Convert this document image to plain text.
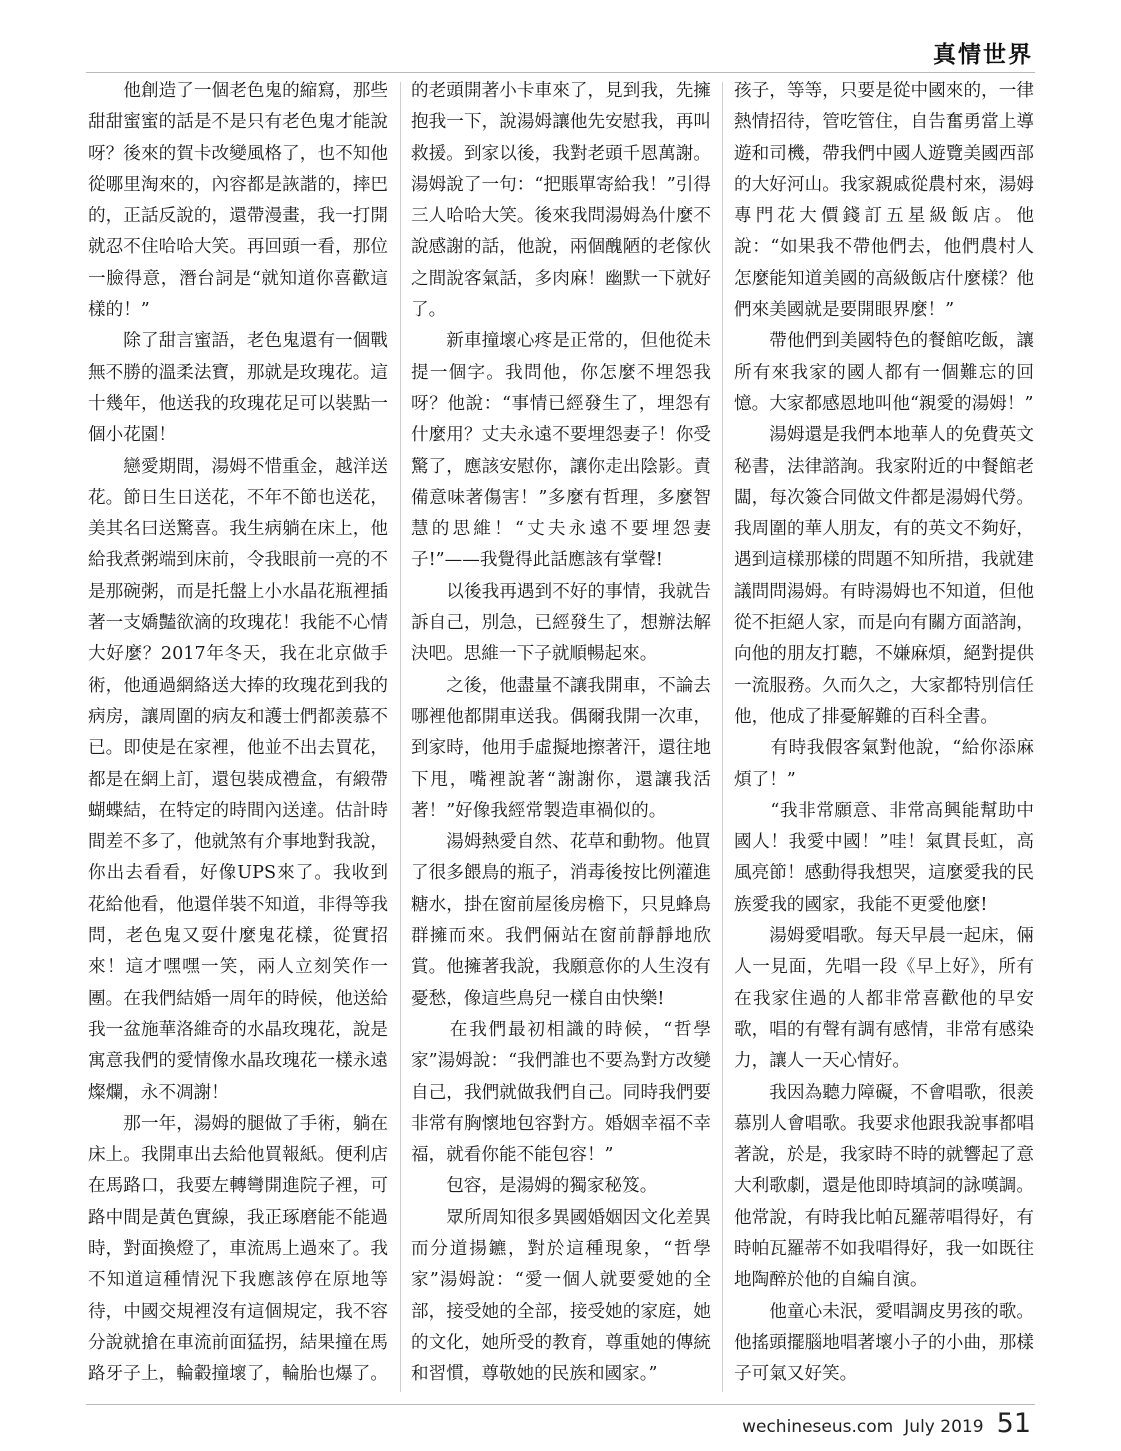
真情世界

　　他創造了一個老色鬼的縮寫，那些甜甜蜜蜜的話是不是只有老色鬼才能說呀？後來的賀卡改變風格了，也不知他從哪里淘來的，內容都是詼諧的，摔巴的，正話反說的，還帶漫畫，我一打開就忍不住哈哈大笑。再回頭一看，那位一臉得意，潛台詞是“就知道你喜歡這樣的！”

　　除了甜言蜜語，老色鬼還有一個戰無不勝的溫柔法寶，那就是玫瑰花。這十幾年，他送我的玫瑰花足可以裝點一個小花園！

　　戀愛期間，湯姆不惜重金，越洋送花。節日生日送花，不年不節也送花，美其名曰送驚喜。我生病躺在床上，他給我煮粥端到床前，令我眼前一亮的不是那碗粥，而是托盤上小水晶花瓶裡插著一支嬌豔欲滴的玫瑰花！我能不心情大好麼？2017年冬天，我在北京做手術，他通過網絡送大捧的玫瑰花到我的病房，讓周圍的病友和護士們都羨慕不已。即使是在家裡，他並不出去買花，都是在網上訂，還包裝成禮盒，有緞帶蝴蝶結，在特定的時間內送達。估計時間差不多了，他就煞有介事地對我說，你出去看看，好像UPS來了。我收到花給他看，他還佯裝不知道，非得等我問，老色鬼又耍什麼鬼花樣，從實招來！這才嘿嘿一笑，兩人立刻笑作一團。在我們結婚一周年的時候，他送給我一盆施華洛維奇的水晶玫瑰花，說是寓意我們的愛情像水晶玫瑰花一樣永遠燦爛，永不凋謝！

　　那一年，湯姆的腿做了手術，躺在床上。我開車出去給他買報紙。便利店在馬路口，我要左轉彎開進院子裡，可路中間是黃色實線，我正琢磨能不能過時，對面換燈了，車流馬上過來了。我不知道這種情況下我應該停在原地等待，中國交規裡沒有這個規定，我不容分說就搶在車流前面猛拐，結果撞在馬路牙子上，輪轂撞壞了，輪胎也爆了。

的老頭開著小卡車來了，見到我，先擁抱我一下，說湯姆讓他先安慰我，再叫救援。到家以後，我對老頭千恩萬謝。湯姆說了一句：“把賬單寄給我！”引得三人哈哈大笑。後來我問湯姆為什麼不說感謝的話，他說，兩個醜陋的老傢伙之間說客氣話，多肉麻！幽默一下就好了。

　　新車撞壞心疼是正常的，但他從未提一個字。我問他，你怎麼不埋怨我呀？他說：“事情已經發生了，埋怨有什麼用？丈夫永遠不要埋怨妻子！你受驚了，應該安慰你，讓你走出陰影。責備意味著傷害！”多麼有哲理，多麼智慧的思維！“丈夫永遠不要埋怨妻子!”——我覺得此話應該有掌聲!

　　以後我再遇到不好的事情，我就告訴自己，別急，已經發生了，想辦法解決吧。思維一下子就順暢起來。

　　之後，他盡量不讓我開車，不論去哪裡他都開車送我。偶爾我開一次車，到家時，他用手虛擬地擦著汗，還往地下甩，嘴裡說著“謝謝你，還讓我活著！”好像我經常製造車禍似的。

　　湯姆熱愛自然、花草和動物。他買了很多餵鳥的瓶子，消毒後按比例灌進糖水，掛在窗前屋後房檐下，只見蜂鳥群擁而來。我們倆站在窗前靜靜地欣賞。他擁著我說，我願意你的人生沒有憂愁，像這些鳥兒一樣自由快樂!

　　在我們最初相識的時候，“哲學家”湯姆說：“我們誰也不要為對方改變自己，我們就做我們自己。同時我們要非常有胸懷地包容對方。婚姻幸福不幸福，就看你能不能包容！”

　　包容，是湯姆的獨家秘笈。

　　眾所周知很多異國婚姻因文化差異而分道揚鑣，對於這種現象，“哲學家”湯姆說：“愛一個人就要愛她的全部，接受她的全部，接受她的家庭，她的文化，她所受的教育，尊重她的傳統和習慣，尊敬她的民族和國家。”

孩子，等等，只要是從中國來的，一律熱情招待，管吃管住，自告奮勇當上導遊和司機，帶我們中國人遊覽美國西部的大好河山。我家親戚從農村來，湯姆專門花大價錢訂五星級飯店。他說：“如果我不帶他們去，他們農村人怎麼能知道美國的高級飯店什麼樣？他們來美國就是要開眼界麼！”

　　帶他們到美國特色的餐館吃飯，讓所有來我家的國人都有一個難忘的回憶。大家都感恩地叫他“親愛的湯姆！”

　　湯姆還是我們本地華人的免費英文秘書，法律諮詢。我家附近的中餐館老闆，每次簽合同做文件都是湯姆代勞。我周圍的華人朋友，有的英文不夠好，遇到這樣那樣的問題不知所措，我就建議問問湯姆。有時湯姆也不知道，但他從不拒絕人家，而是向有關方面諮詢，向他的朋友打聽，不嫌麻煩，絕對提供一流服務。久而久之，大家都特別信任他，他成了排憂解難的百科全書。

　　有時我假客氣對他說，“給你添麻煩了！”

　　“我非常願意、非常高興能幫助中國人！我愛中國！”哇！氣貫長虹，高風亮節！感動得我想哭，這麼愛我的民族愛我的國家，我能不更愛他麼!

　　湯姆愛唱歌。每天早晨一起床，倆人一見面，先唱一段《早上好》，所有在我家住過的人都非常喜歡他的早安歌，唱的有聲有調有感情，非常有感染力，讓人一天心情好。

　　我因為聽力障礙，不會唱歌，很羨慕別人會唱歌。我要求他跟我說事都唱著說，於是，我家時不時的就響起了意大利歌劇，還是他即時填詞的詠嘆調。他常說，有時我比帕瓦羅蒂唱得好，有時帕瓦羅蒂不如我唱得好，我一如既往地陶醉於他的自編自演。

　　他童心未泯，愛唱調皮男孩的歌。他搖頭擺腦地唱著壞小子的小曲，那樣子可氣又好笑。

wechineseus.com July 2019 51
